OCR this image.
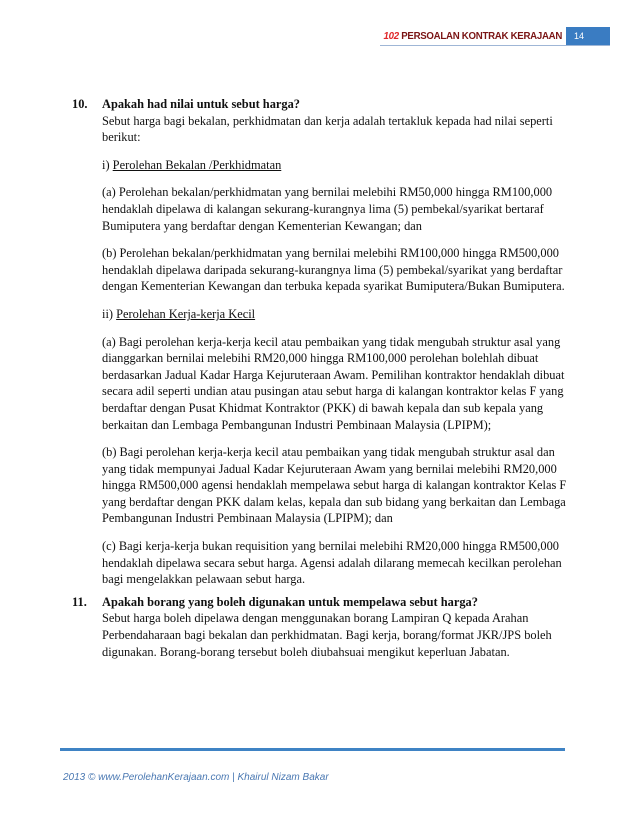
102 PERSOALAN KONTRAK KERAJAAN 14
10.	Apakah had nilai untuk sebut harga?

Sebut harga bagi bekalan, perkhidmatan dan kerja adalah tertakluk kepada had nilai seperti berikut:

i) Perolehan Bekalan /Perkhidmatan

(a) Perolehan bekalan/perkhidmatan yang bernilai melebihi RM50,000 hingga RM100,000 hendaklah dipelawa di kalangan sekurang-kurangnya lima (5) pembekal/syarikat bertaraf Bumiputera yang berdaftar dengan Kementerian Kewangan; dan

(b) Perolehan bekalan/perkhidmatan yang bernilai melebihi RM100,000 hingga RM500,000 hendaklah dipelawa daripada sekurang-kurangnya lima (5) pembekal/syarikat yang berdaftar dengan Kementerian Kewangan dan terbuka kepada syarikat Bumiputera/Bukan Bumiputera.

ii) Perolehan Kerja-kerja Kecil

(a) Bagi perolehan kerja-kerja kecil atau pembaikan yang tidak mengubah struktur asal yang dianggarkan bernilai melebihi RM20,000 hingga RM100,000 perolehan bolehlah dibuat berdasarkan Jadual Kadar Harga Kejuruteraan Awam. Pemilihan kontraktor hendaklah dibuat secara adil seperti undian atau pusingan atau sebut harga di kalangan kontraktor kelas F yang berdaftar dengan Pusat Khidmat Kontraktor (PKK) di bawah kepala dan sub kepala yang berkaitan dan Lembaga Pembangunan Industri Pembinaan Malaysia (LPIPM);

(b) Bagi perolehan kerja-kerja kecil atau pembaikan yang tidak mengubah struktur asal dan yang tidak mempunyai Jadual Kadar Kejuruteraan Awam yang bernilai melebihi RM20,000 hingga RM500,000 agensi hendaklah mempelawa sebut harga di kalangan kontraktor Kelas F yang berdaftar dengan PKK dalam kelas, kepala dan sub bidang yang berkaitan dan Lembaga Pembangunan Industri Pembinaan Malaysia (LPIPM); dan

(c) Bagi kerja-kerja bukan requisition yang bernilai melebihi RM20,000 hingga RM500,000 hendaklah dipelawa secara sebut harga. Agensi adalah dilarang memecah kecilkan perolehan bagi mengelakkan pelawaan sebut harga.

11.	Apakah borang yang boleh digunakan untuk mempelawa sebut harga?

Sebut harga boleh dipelawa dengan menggunakan borang Lampiran Q kepada Arahan Perbendaharaan bagi bekalan dan perkhidmatan. Bagi kerja, borang/format JKR/JPS boleh digunakan. Borang-borang tersebut boleh diubahsuai mengikut keperluan Jabatan.

2013 © www.PerolehanKerajaan.com | Khairul Nizam Bakar
